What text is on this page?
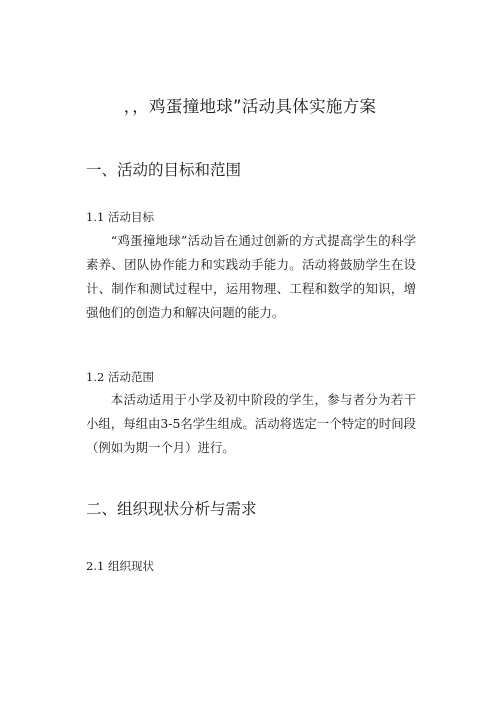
，，鸡蛋撞地球”活动具体实施方案
一、活动的目标和范围
1.1 活动目标

“鸡蛋撞地球”活动旨在通过创新的方式提高学生的科学素养、团队协作能力和实践动手能力。活动将鼓励学生在设计、制作和测试过程中，运用物理、工程和数学的知识，增强他们的创造力和解决问题的能力。

1.2 活动范围

本活动适用于小学及初中阶段的学生，参与者分为若干小组，每组由3-5名学生组成。活动将选定一个特定的时间段（例如为期一个月）进行。

二、组织现状分析与需求
2.1 组织现状
